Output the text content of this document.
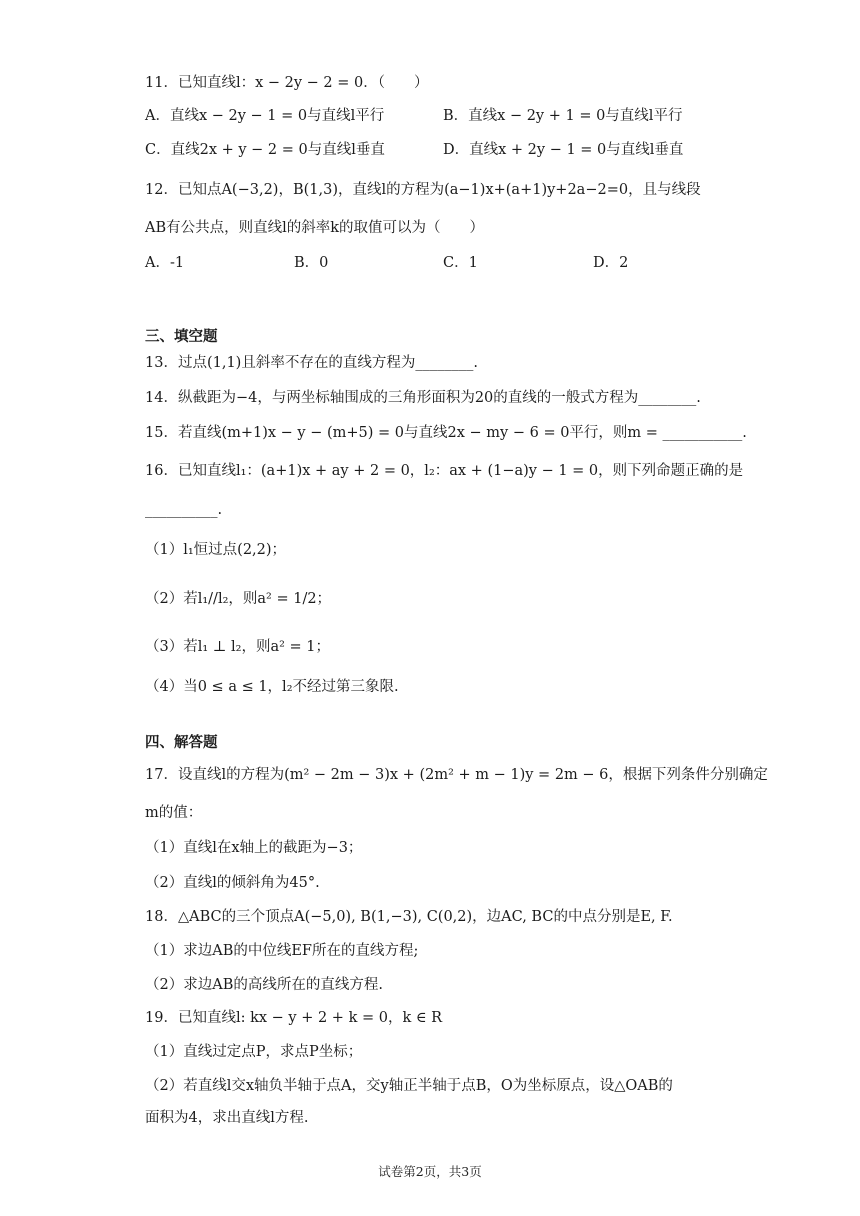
11．已知直线l：x − 2y − 2 = 0．（　　）
A．直线x − 2y − 1 = 0与直线l平行	B．直线x − 2y + 1 = 0与直线l平行
C．直线2x + y − 2 = 0与直线l垂直	D．直线x + 2y − 1 = 0与直线l垂直
12．已知点A(−3,2)，B(1,3)，直线l的方程为(a−1)x+(a+1)y+2a−2=0，且与线段
AB有公共点，则直线l的斜率k的取值可以为（　　）
A．-1	B．0	C．1	D．2
三、填空题
13．过点(1,1)且斜率不存在的直线方程为________.
14．纵截距为−4，与两坐标轴围成的三角形面积为20的直线的一般式方程为________.
15．若直线(m+1)x − y − (m+5) = 0与直线2x − my − 6 = 0平行，则m = ___________.
16．已知直线l₁：(a+1)x + ay + 2 = 0，l₂：ax + (1−a)y − 1 = 0，则下列命题正确的是
__________.
（1）l₁恒过点(2,2)；
（2）若l₁//l₂，则a² = 1/2；
（3）若l₁ ⊥ l₂，则a² = 1；
（4）当0 ≤ a ≤ 1，l₂不经过第三象限.
四、解答题
17．设直线l的方程为(m² − 2m − 3)x + (2m² + m − 1)y = 2m − 6，根据下列条件分别确定
m的值：
（1）直线l在x轴上的截距为−3；
（2）直线l的倾斜角为45°.
18．△ABC的三个顶点A(−5,0), B(1,−3), C(0,2)，边AC, BC的中点分别是E, F.
（1）求边AB的中位线EF所在的直线方程;
（2）求边AB的高线所在的直线方程.
19．已知直线l: kx − y + 2 + k = 0，k ∈ R
（1）直线过定点P，求点P坐标；
（2）若直线l交x轴负半轴于点A，交y轴正半轴于点B，O为坐标原点，设△OAB的
面积为4，求出直线l方程.
试卷第2页，共3页
